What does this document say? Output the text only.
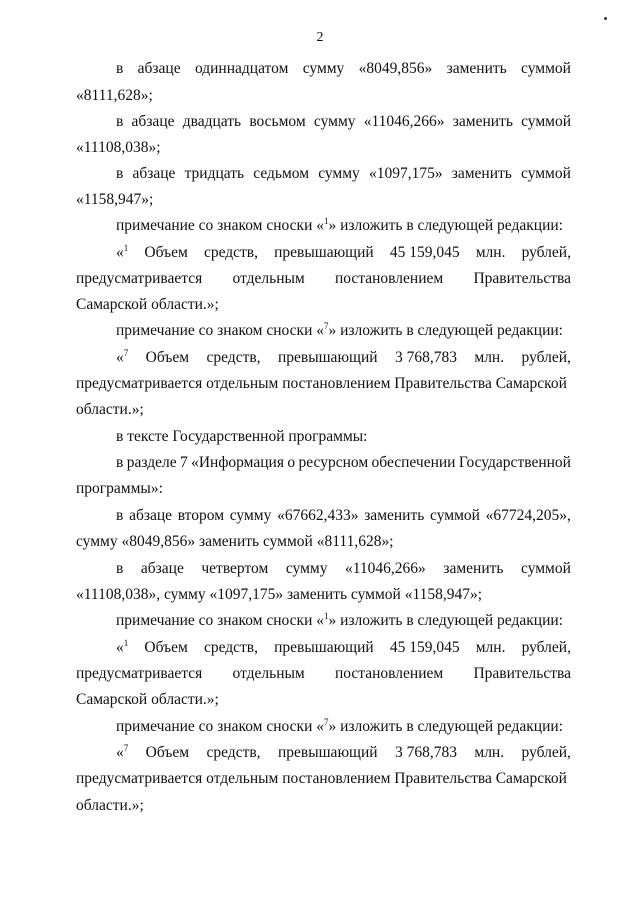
2
в абзаце одиннадцатом сумму «8049,856» заменить суммой
«8111,628»;
в абзаце двадцать восьмом сумму «11046,266» заменить суммой
«11108,038»;
в абзаце тридцать седьмом сумму «1097,175» заменить суммой
«1158,947»;
примечание со знаком сноски «$^1$» изложить в следующей редакции:
«$^1$ Объем средств, превышающий 45 159,045 млн. рублей,
предусматривается отдельным постановлением Правительства
Самарской области.»;
примечание со знаком сноски «$^7$» изложить в следующей редакции:
«$^7$ Объем средств, превышающий 3 768,783 млн. рублей,
предусматривается отдельным постановлением Правительства Самарской
области.»;
в тексте Государственной программы:
в разделе 7 «Информация о ресурсном обеспечении Государственной
программы»:
в абзаце втором сумму «67662,433» заменить суммой «67724,205»,
сумму «8049,856» заменить суммой «8111,628»;
в абзаце четвертом сумму «11046,266» заменить суммой
«11108,038», сумму «1097,175» заменить суммой «1158,947»;
примечание со знаком сноски «$^1$» изложить в следующей редакции:
«$^1$ Объем средств, превышающий 45 159,045 млн. рублей,
предусматривается отдельным постановлением Правительства
Самарской области.»;
примечание со знаком сноски «$^7$» изложить в следующей редакции:
«$^7$ Объем средств, превышающий 3 768,783 млн. рублей,
предусматривается отдельным постановлением Правительства Самарской
области.»;
